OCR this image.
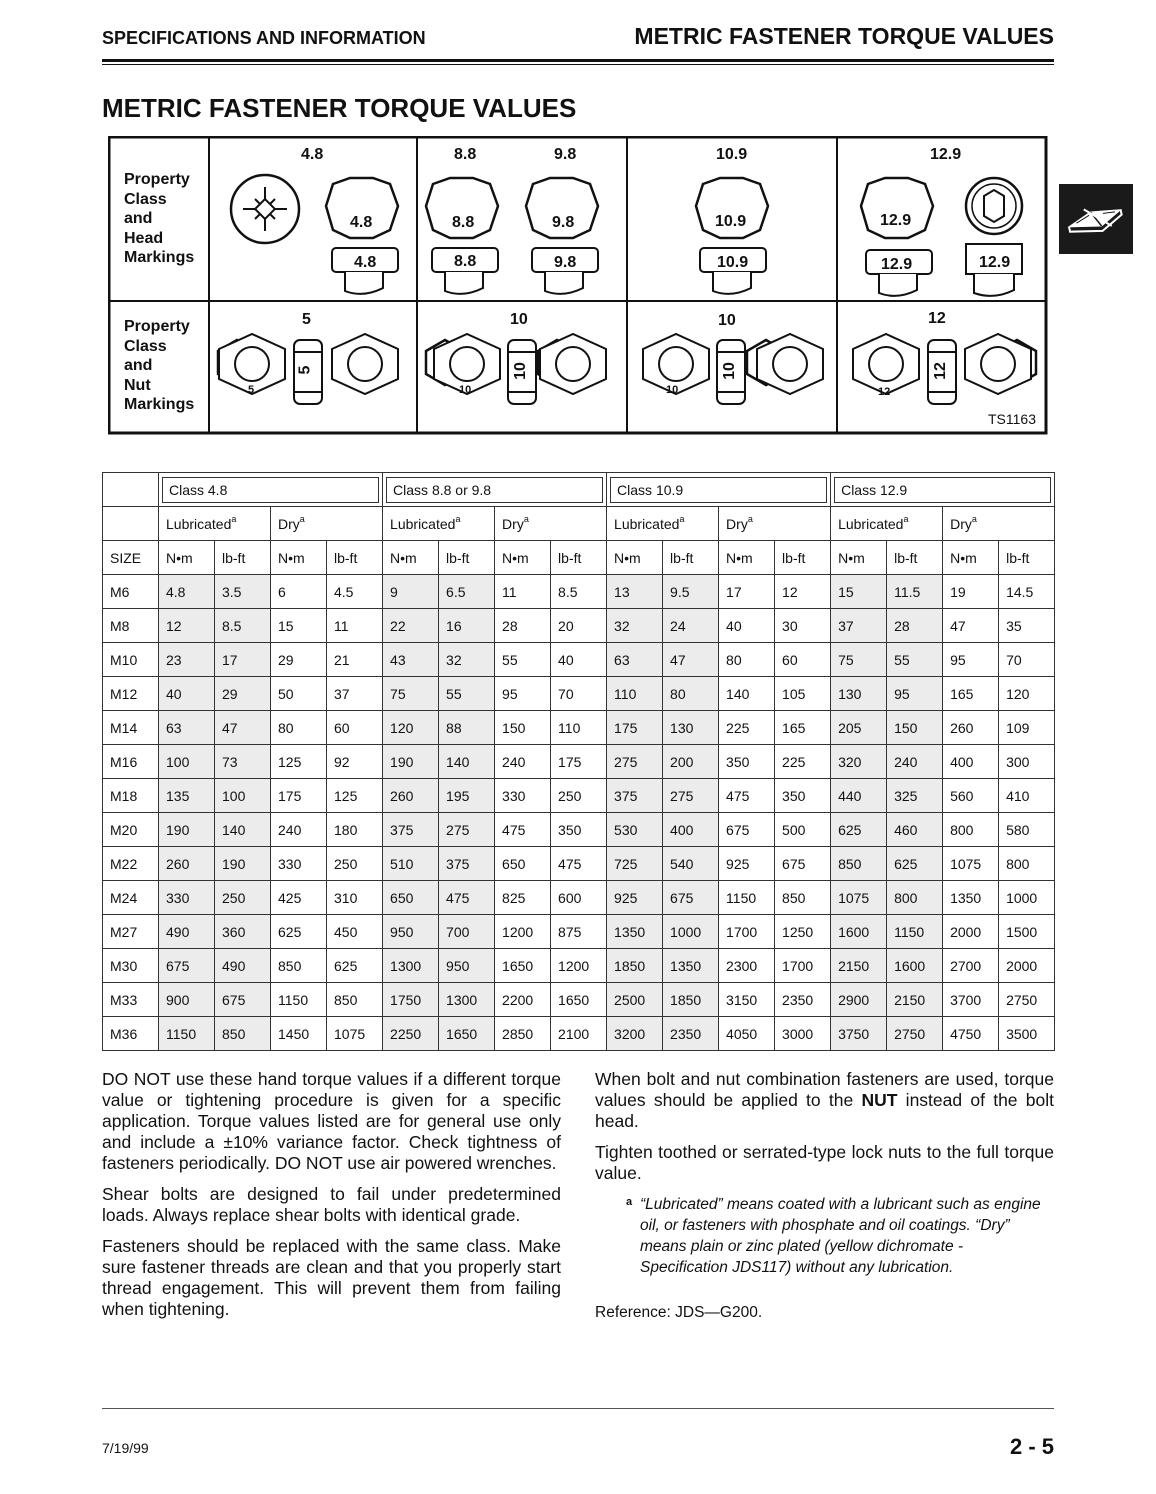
SPECIFICATIONS AND INFORMATION	METRIC FASTENER TORQUE VALUES
METRIC FASTENER TORQUE VALUES
Property
Class
and
Head
Markings
Property
Class
and
Nut
Markings
4.8	8.8	9.8	10.9	12.9
4.8
4.8
8.8
8.8
9.8
9.8
10.9
10.9
12.9
12.9	12.9
5	10	10	12
5
5
10
10
10
10
12
12
TS1163

	Class 4.8				Class 8.8 or 9.8				Class 10.9				Class 12.9			

	Lubricated$^a$		Dry$^a$		Lubricated$^a$		Dry$^a$		Lubricated$^a$		Dry$^a$		Lubricated$^a$		Dry$^a$
SIZE	N•m	lb-ft	N•m	lb-ft	N•m	lb-ft	N•m	lb-ft	N•m	lb-ft	N•m	lb-ft	N•m	lb-ft	N•m	lb-ft
M6	4.8	3.5	6	4.5	9	6.5	11	8.5	13	9.5	17	12	15	11.5	19	14.5
M8	12	8.5	15	11	22	16	28	20	32	24	40	30	37	28	47	35
M10	23	17	29	21	43	32	55	40	63	47	80	60	75	55	95	70
M12	40	29	50	37	75	55	95	70	110	80	140	105	130	95	165	120
M14	63	47	80	60	120	88	150	110	175	130	225	165	205	150	260	109
M16	100	73	125	92	190	140	240	175	275	200	350	225	320	240	400	300
M18	135	100	175	125	260	195	330	250	375	275	475	350	440	325	560	410
M20	190	140	240	180	375	275	475	350	530	400	675	500	625	460	800	580
M22	260	190	330	250	510	375	650	475	725	540	925	675	850	625	1075	800
M24	330	250	425	310	650	475	825	600	925	675	1150	850	1075	800	1350	1000
M27	490	360	625	450	950	700	1200	875	1350	1000	1700	1250	1600	1150	2000	1500
M30	675	490	850	625	1300	950	1650	1200	1850	1350	2300	1700	2150	1600	2700	2000
M33	900	675	1150	850	1750	1300	2200	1650	2500	1850	3150	2350	2900	2150	3700	2750
M36	1150	850	1450	1075	2250	1650	2850	2100	3200	2350	4050	3000	3750	2750	4750	3500

DO NOT use these hand torque values if a different torque value or tightening procedure is given for a specific application. Torque values listed are for general use only and include a ±10% variance factor. Check tightness of fasteners periodically. DO NOT use air powered wrenches.

Shear bolts are designed to fail under predetermined loads. Always replace shear bolts with identical grade.

Fasteners should be replaced with the same class. Make sure fastener threads are clean and that you properly start thread engagement. This will prevent them from failing when tightening.

When bolt and nut combination fasteners are used, torque values should be applied to the NUT instead of the bolt head.

Tighten toothed or serrated-type lock nuts to the full torque value.

a “Lubricated” means coated with a lubricant such as engine oil, or fasteners with phosphate and oil coatings. “Dry” means plain or zinc plated (yellow dichromate - Specification JDS117) without any lubrication.
Reference: JDS—G200.
7/19/99	2 - 5
